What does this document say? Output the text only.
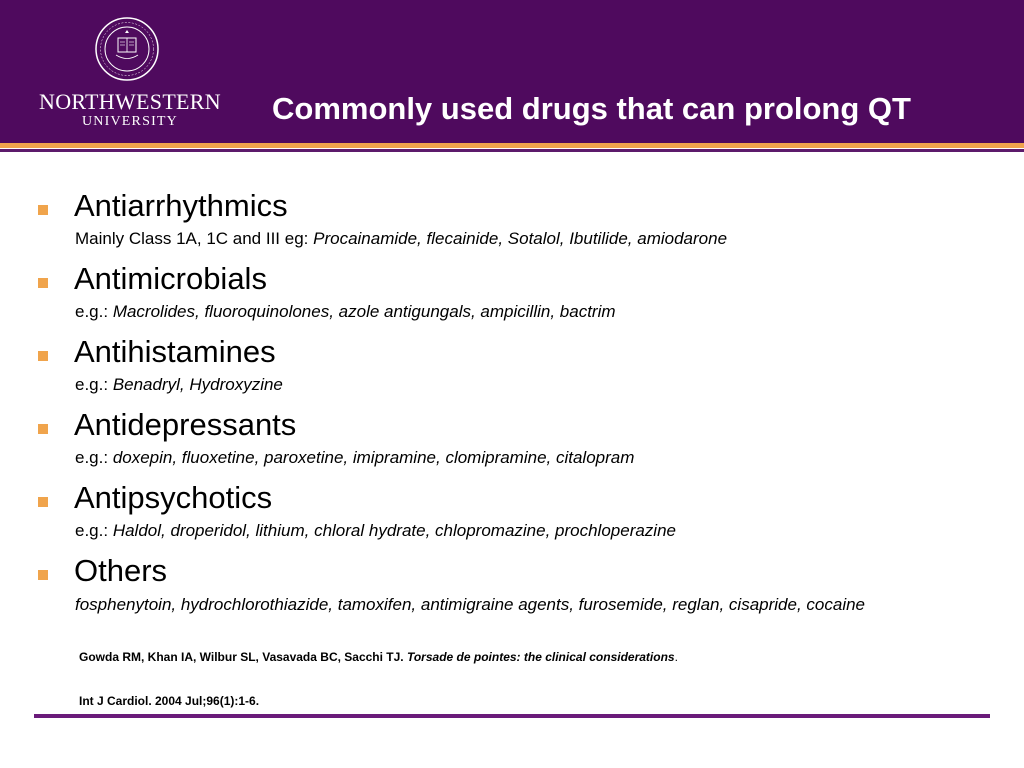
NORTHWESTERN
UNIVERSITY	Commonly used drugs that can prolong QT
Antiarrhythmics
Mainly Class 1A, 1C and III eg: Procainamide, flecainide, Sotalol, Ibutilide, amiodarone
Antimicrobials
e.g.: Macrolides, fluoroquinolones, azole antigungals, ampicillin, bactrim
Antihistamines
e.g.: Benadryl, Hydroxyzine
Antidepressants
e.g.: doxepin, fluoxetine, paroxetine, imipramine, clomipramine, citalopram
Antipsychotics
e.g.: Haldol, droperidol, lithium, chloral hydrate, chlopromazine, prochloperazine
Others
fosphenytoin, hydrochlorothiazide, tamoxifen, antimigraine agents, furosemide, reglan, cisapride, cocaine
Gowda RM, Khan IA, Wilbur SL, Vasavada BC, Sacchi TJ. Torsade de pointes: the clinical considerations.
Int J Cardiol. 2004 Jul;96(1):1-6.
